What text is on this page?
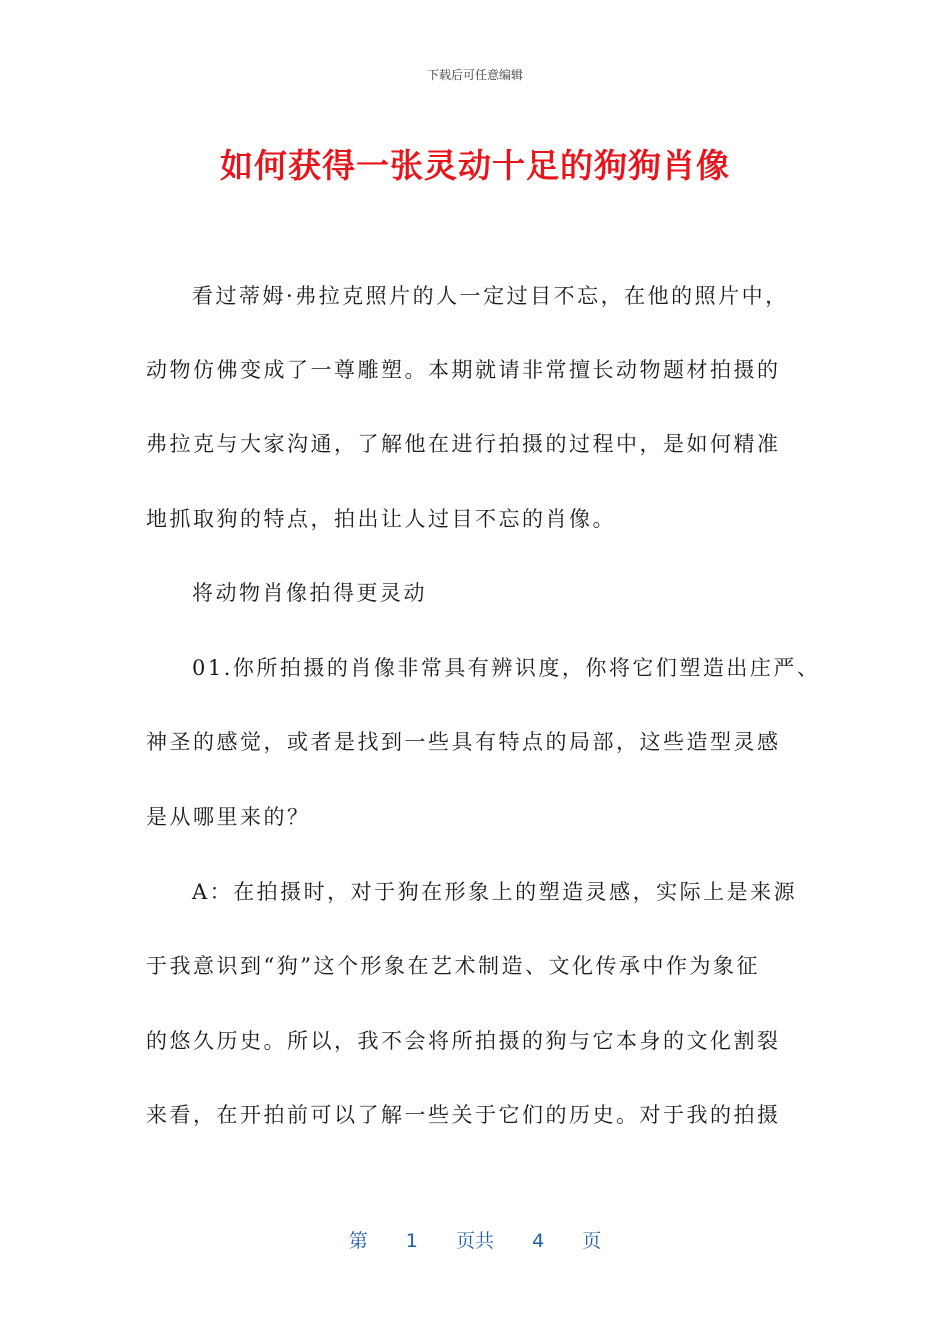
下载后可任意编辑
如何获得一张灵动十足的狗狗肖像
看过蒂姆·弗拉克照片的人一定过目不忘，在他的照片中，
动物仿佛变成了一尊雕塑。本期就请非常擅长动物题材拍摄的
弗拉克与大家沟通，了解他在进行拍摄的过程中，是如何精准
地抓取狗的特点，拍出让人过目不忘的肖像。
将动物肖像拍得更灵动
01.你所拍摄的肖像非常具有辨识度，你将它们塑造出庄严、
神圣的感觉，或者是找到一些具有特点的局部，这些造型灵感
是从哪里来的？
A：在拍摄时，对于狗在形象上的塑造灵感，实际上是来源
于我意识到“狗”这个形象在艺术制造、文化传承中作为象征
的悠久历史。所以，我不会将所拍摄的狗与它本身的文化割裂
来看，在开拍前可以了解一些关于它们的历史。对于我的拍摄
第 1 页共 4 页
